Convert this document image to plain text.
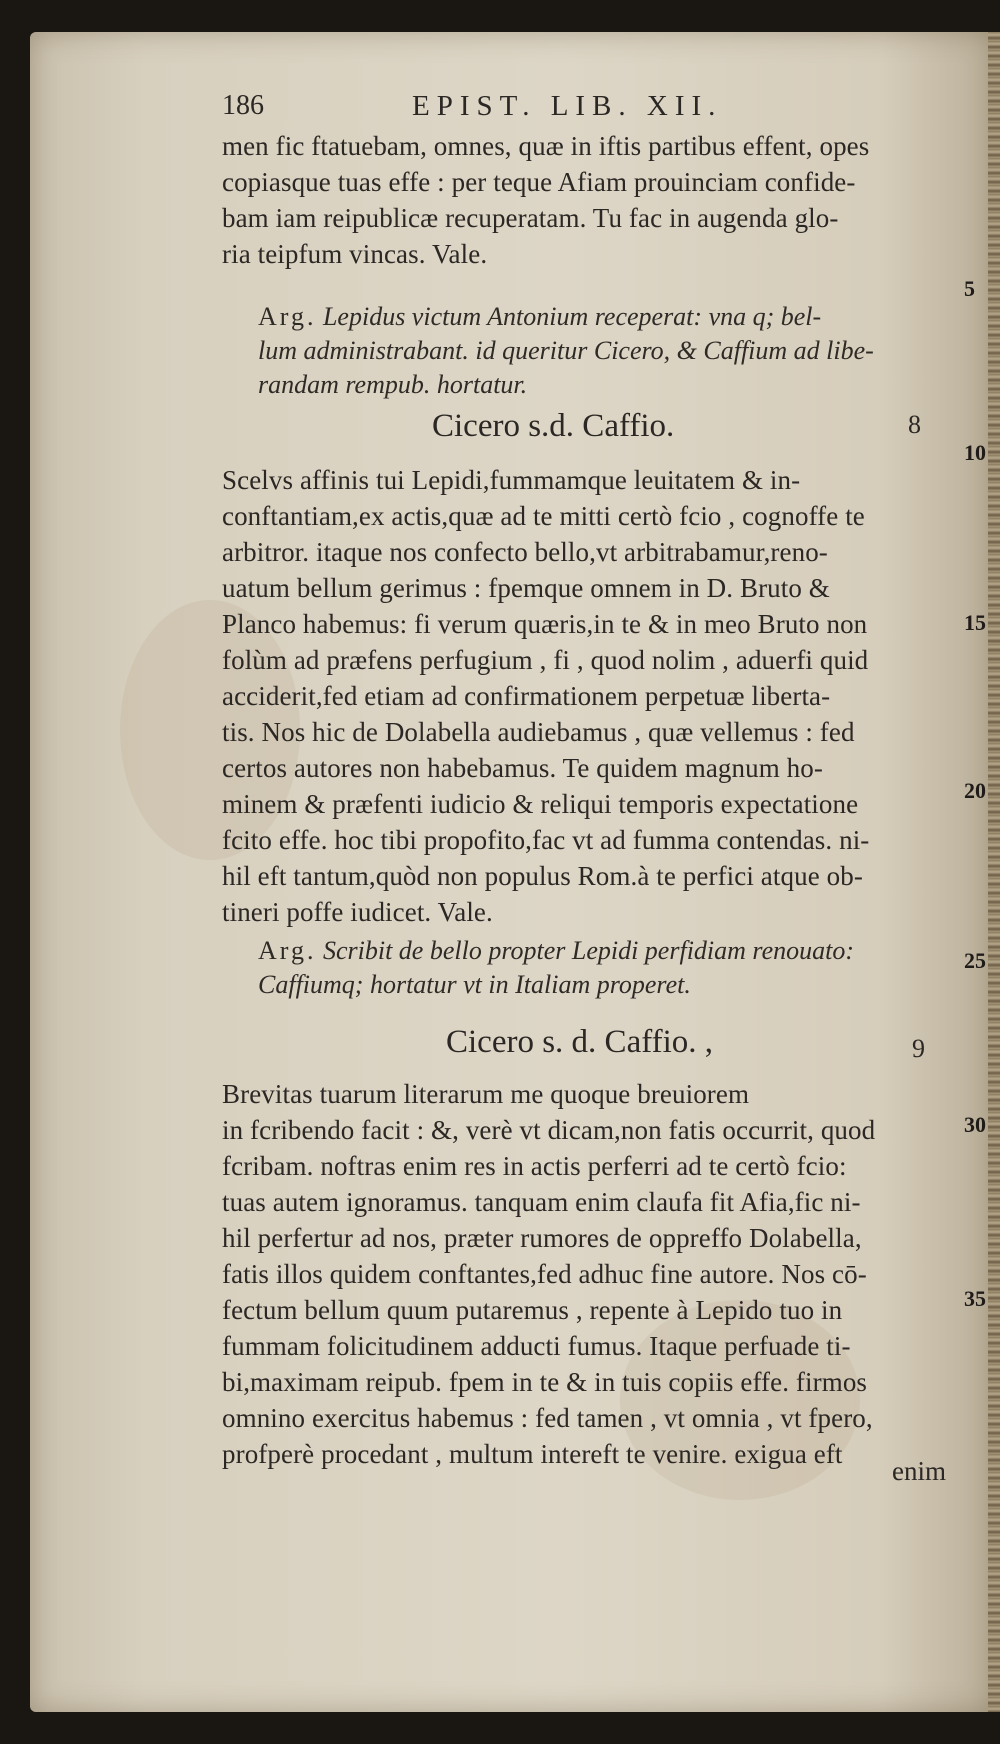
186	EPIST. LIB. XII.
men fic ftatuebam, omnes, quæ in iftis partibus effent, opes
copiasque tuas effe : per teque Afiam prouinciam confide-
bam iam reipublicæ recuperatam. Tu fac in augenda glo-
ria teipfum vincas. Vale.
Arg. Lepidus victum Antonium receperat: vna q; bel-
lum administrabant. id queritur Cicero, & Caffium ad libe-
randam rempub. hortatur.
Cicero s.d. Caffio.	8
Scelvs affinis tui Lepidi,fummamque leuitatem & in-
conftantiam,ex actis,quæ ad te mitti certò fcio , cognoffe te
arbitror. itaque nos confecto bello,vt arbitrabamur,reno-
uatum bellum gerimus : fpemque omnem in D. Bruto &
Planco habemus: fi verum quæris,in te & in meo Bruto non
folùm ad præfens perfugium , fi , quod nolim , aduerfi quid
acciderit,fed etiam ad confirmationem perpetuæ liberta-
tis. Nos hic de Dolabella audiebamus , quæ vellemus : fed
certos autores non habebamus. Te quidem magnum ho-
minem & præfenti iudicio & reliqui temporis expectatione
fcito effe. hoc tibi propofito,fac vt ad fumma contendas. ni-
hil eft tantum,quòd non populus Rom.à te perfici atque ob-
tineri poffe iudicet. Vale.
Arg. Scribit de bello propter Lepidi perfidiam renouato:
Caffiumq; hortatur vt in Italiam properet.
Cicero s. d. Caffio. ,	9
Brevitas tuarum literarum me quoque breuiorem
in fcribendo facit : &, verè vt dicam,non fatis occurrit, quod
fcribam. noftras enim res in actis perferri ad te certò fcio:
tuas autem ignoramus. tanquam enim claufa fit Afia,fic ni-
hil perfertur ad nos, præter rumores de oppreffo Dolabella,
fatis illos quidem conftantes,fed adhuc fine autore. Nos cō-
fectum bellum quum putaremus , repente à Lepido tuo in
fummam folicitudinem adducti fumus. Itaque perfuade ti-
bi,maximam reipub. fpem in te & in tuis copiis effe. firmos
omnino exercitus habemus : fed tamen , vt omnia , vt fpero,
profperè procedant , multum intereft te venire. exigua eft
enim
5
10
15
20
25
30
35
